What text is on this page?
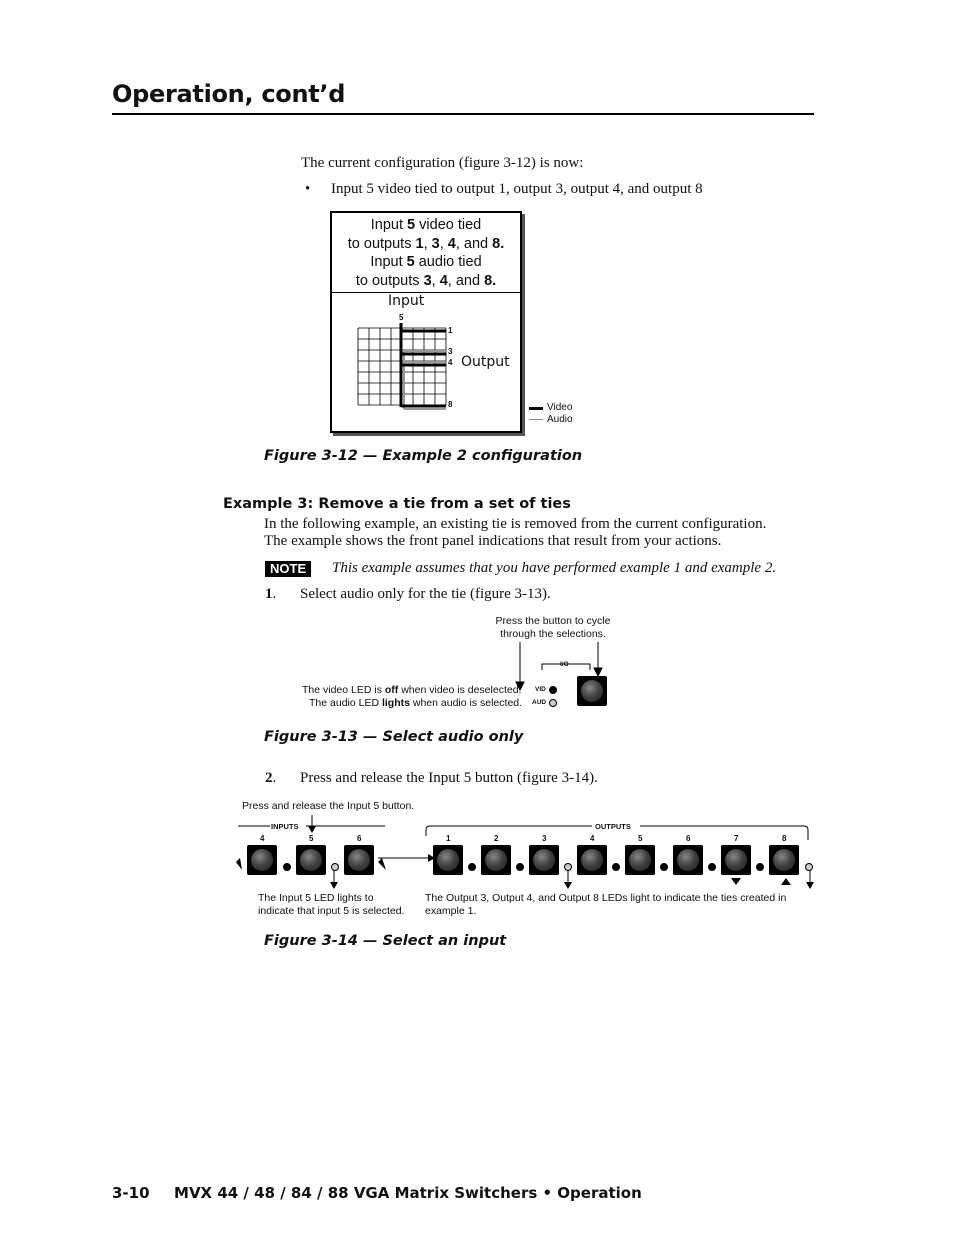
Operation, cont’d
The current configuration (figure 3-12) is now:
• Input 5 video tied to output 1, output 3, output 4, and output 8
Input 5 video tied
to outputs 1, 3, 4, and 8.
Input 5 audio tied
to outputs 3, 4, and 8.
Input
Output
5
1
3
4
8	Video
Audio
Figure 3-12 — Example 2 configuration
Example 3: Remove a tie from a set of ties
In the following example, an existing tie is removed from the current configuration.
The example shows the front panel indications that result from your actions.
NOTE	This example assumes that you have performed example 1 and example 2.
1. Select audio only for the tie (figure 3-13).
Press the button to cycle
through the selections.
I/O
VID
AUD
The video LED is off when video is deselected.
The audio LED lights when audio is selected.
Figure 3-13 — Select audio only
2. Press and release the Input 5 button (figure 3-14).
Press and release the Input 5 button.
INPUTS	OUTPUTS
4	5	6	1	2	3	4	5	6	7	8
The Input 5 LED lights to
indicate that input 5 is selected.
The Output 3, Output 4, and Output 8 LEDs light to indicate the ties created in
example 1.
Figure 3-14 — Select an input
3-10 MVX 44 / 48 / 84 / 88 VGA Matrix Switchers • Operation
